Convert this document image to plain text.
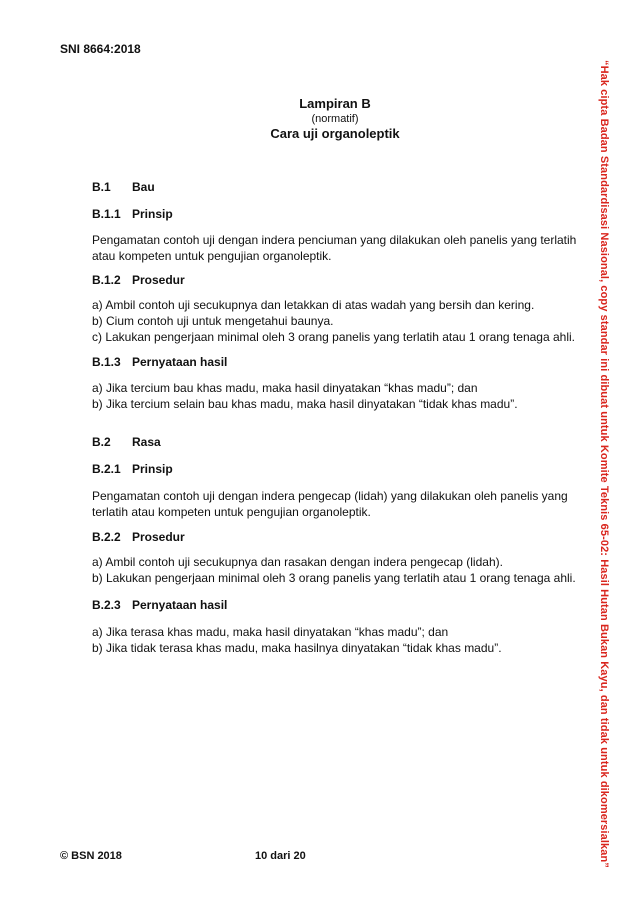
SNI 8664:2018
“Hak cipta Badan Standardisasi Nasional, copy standar ini dibuat untuk Komite Teknis 65-02: Hasil Hutan Bukan Kayu, dan tidak untuk dikomersialkan”
Lampiran B
(normatif)
Cara uji organoleptik
B.1 Bau
B.1.1 Prinsip
Pengamatan contoh uji dengan indera penciuman yang dilakukan oleh panelis yang terlatih atau kompeten untuk pengujian organoleptik.
B.1.2 Prosedur
a) Ambil contoh uji secukupnya dan letakkan di atas wadah yang bersih dan kering.
b) Cium contoh uji untuk mengetahui baunya.
c) Lakukan pengerjaan minimal oleh 3 orang panelis yang terlatih atau 1 orang tenaga ahli.
B.1.3 Pernyataan hasil
a) Jika tercium bau khas madu, maka hasil dinyatakan “khas madu”; dan
b) Jika tercium selain bau khas madu, maka hasil dinyatakan “tidak khas madu”.
B.2 Rasa
B.2.1 Prinsip
Pengamatan contoh uji dengan indera pengecap (lidah) yang dilakukan oleh panelis yang terlatih atau kompeten untuk pengujian organoleptik.
B.2.2 Prosedur
a) Ambil contoh uji secukupnya dan rasakan dengan indera pengecap (lidah).
b) Lakukan pengerjaan minimal oleh 3 orang panelis yang terlatih atau 1 orang tenaga ahli.
B.2.3 Pernyataan hasil
a) Jika terasa khas madu, maka hasil dinyatakan “khas madu”; dan
b) Jika tidak terasa khas madu, maka hasilnya dinyatakan “tidak khas madu”.
© BSN 2018	10 dari 20
